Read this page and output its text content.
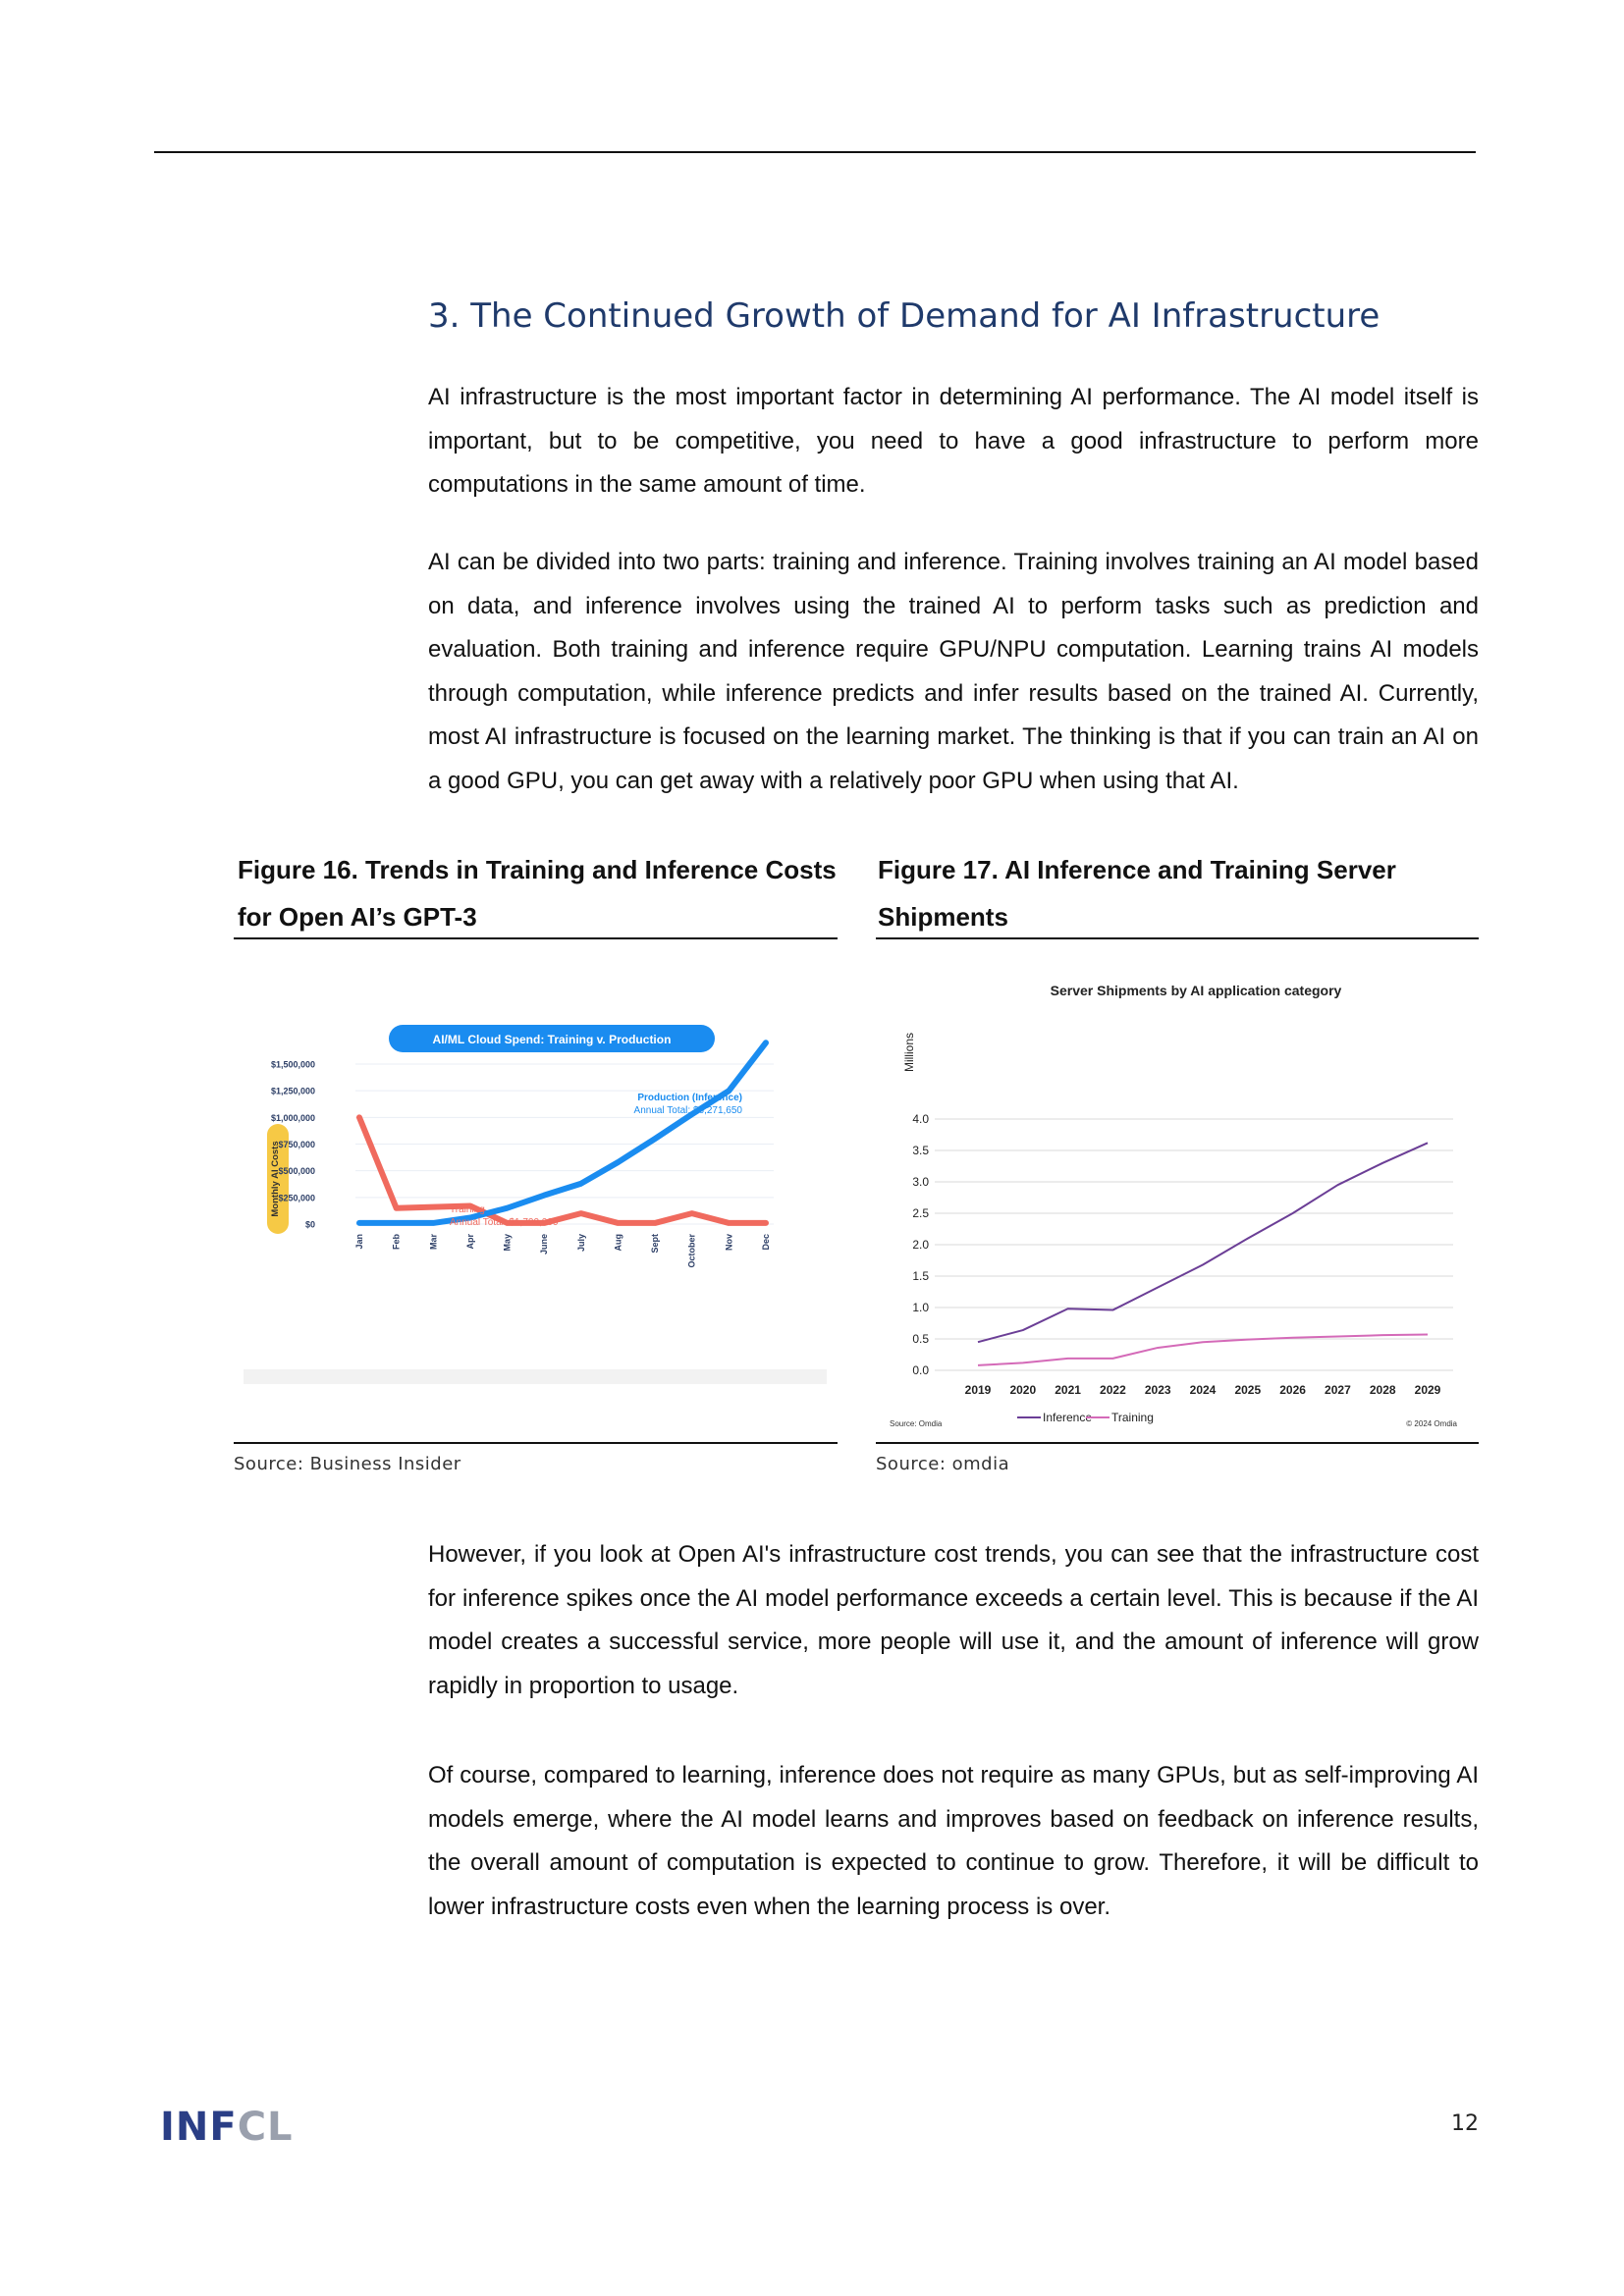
3. The Continued Growth of Demand for AI Infrastructure

AI infrastructure is the most important factor in determining AI performance. The AI model itself is important, but to be competitive, you need to have a good infrastructure to perform more computations in the same amount of time.

AI can be divided into two parts: training and inference. Training involves training an AI model based on data, and inference involves using the trained AI to perform tasks such as prediction and evaluation. Both training and inference require GPU/NPU computation. Learning trains AI models through computation, while inference predicts and infer results based on the trained AI. Currently, most AI infrastructure is focused on the learning market. The thinking is that if you can train an AI on a good GPU, you can get away with a relatively poor GPU when using that AI.

Figure 16. Trends in Training and Inference Costs
for Open AI’s GPT-3
Figure 17. AI Inference and Training Server
Shipments
AI/ML Cloud Spend: Training v. Production
Monthly AI Costs
$0
$250,000
$500,000
$750,000
$1,000,000
$1,250,000
$1,500,000
Jan	Feb	Mar	Apr	May	June	July	Aug	Sept	October	Nov	Dec
Production (Inference)
Annual Total: $6,271,650
Training
Annual Total: $1,700,000
Server Shipments by AI application category
Millions
0.0
0.5
1.0
1.5
2.0
2.5
3.0
3.5
4.0
2019 2020 2021 2022 2023 2024 2025 2026 2027 2028 2029
Inference Training
Source: Omdia	© 2024 Omdia
Source: Business Insider	Source: omdia

However, if you look at Open AI's infrastructure cost trends, you can see that the infrastructure cost for inference spikes once the AI model performance exceeds a certain level. This is because if the AI model creates a successful service, more people will use it, and the amount of inference will grow rapidly in proportion to usage.

Of course, compared to learning, inference does not require as many GPUs, but as self-improving AI models emerge, where the AI model learns and improves based on feedback on inference results, the overall amount of computation is expected to continue to grow. Therefore, it will be difficult to lower infrastructure costs even when the learning process is over.

INFCL	12
